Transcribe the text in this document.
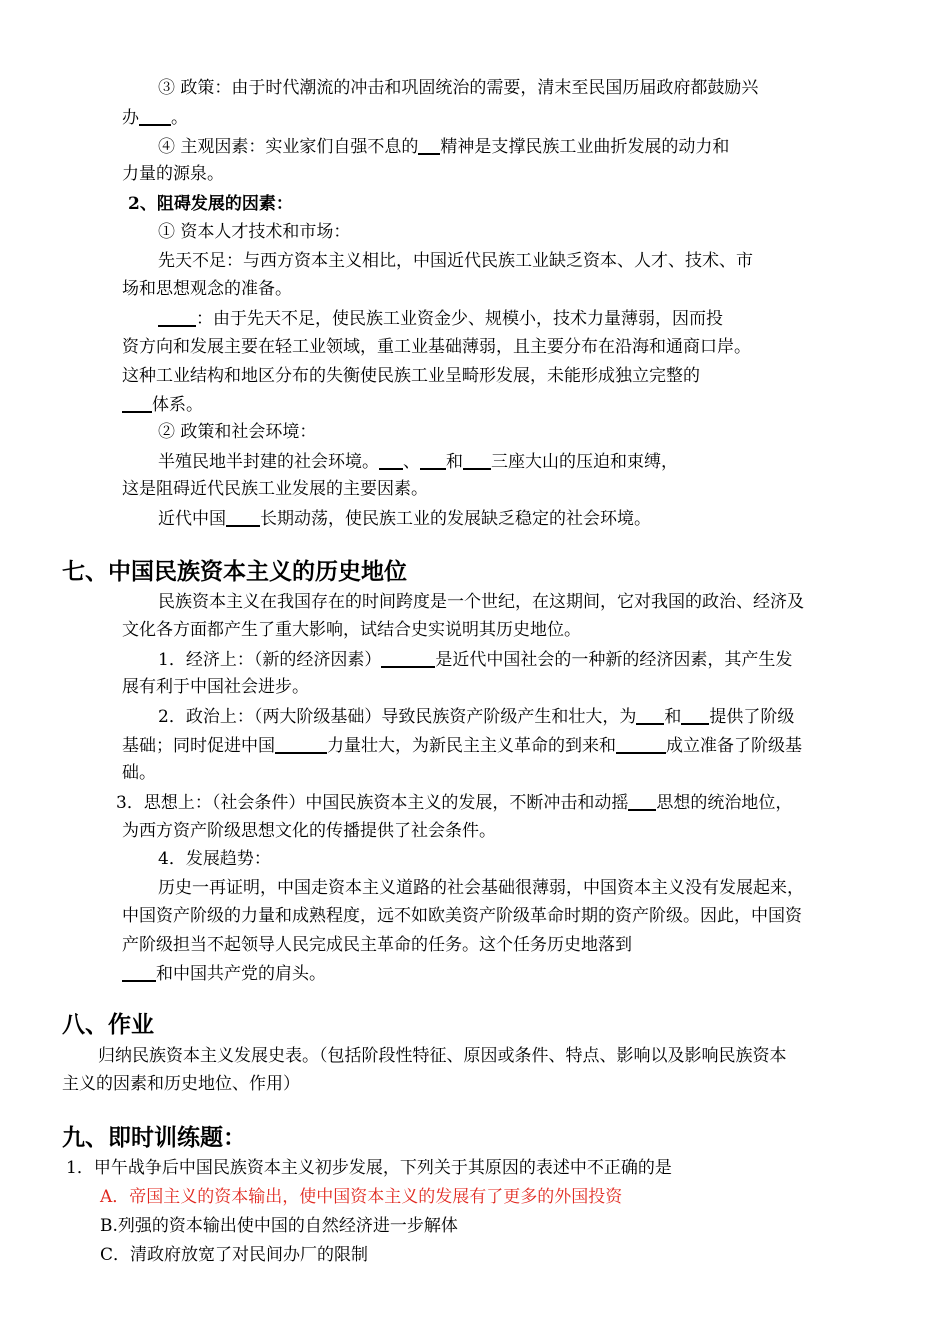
③ 政策：由于时代潮流的冲击和巩固统治的需要，清末至民国历届政府都鼓励兴
办 。
④ 主观因素：实业家们自强不息的 精神是支撑民族工业曲折发展的动力和
力量的源泉。
2、阻碍发展的因素：
① 资本人才技术和市场：
先天不足：与西方资本主义相比，中国近代民族工业缺乏资本、人才、技术、市
场和思想观念的准备。
：由于先天不足，使民族工业资金少、规模小，技术力量薄弱，因而投
资方向和发展主要在轻工业领域，重工业基础薄弱，且主要分布在沿海和通商口岸。
这种工业结构和地区分布的失衡使民族工业呈畸形发展，未能形成独立完整的
体系。
② 政策和社会环境：
半殖民地半封建的社会环境。 、 和 三座大山的压迫和束缚，
这是阻碍近代民族工业发展的主要因素。
近代中国 长期动荡，使民族工业的发展缺乏稳定的社会环境。
七、中国民族资本主义的历史地位
民族资本主义在我国存在的时间跨度是一个世纪，在这期间，它对我国的政治、经济及
文化各方面都产生了重大影响，试结合史实说明其历史地位。
1．经济上：（新的经济因素）	是近代中国社会的一种新的经济因素，其产生发
展有利于中国社会进步。
2．政治上：（两大阶级基础）导致民族资产阶级产生和壮大，为 和 提供了阶级
基础；同时促进中国	力量壮大，为新民主主义革命的到来和	成立准备了阶级基
础。
3．思想上：（社会条件）中国民族资本主义的发展，不断冲击和动摇 思想的统治地位，
为西方资产阶级思想文化的传播提供了社会条件。
4．发展趋势：
历史一再证明，中国走资本主义道路的社会基础很薄弱，中国资本主义没有发展起来，
中国资产阶级的力量和成熟程度，远不如欧美资产阶级革命时期的资产阶级。因此，中国资
产阶级担当不起领导人民完成民主革命的任务。这个任务历史地落到
和中国共产党的肩头。
八、作业
归纳民族资本主义发展史表。（包括阶段性特征、原因或条件、特点、影响以及影响民族资本
主义的因素和历史地位、作用）
九、即时训练题：
1．甲午战争后中国民族资本主义初步发展，下列关于其原因的表述中不正确的是
A．帝国主义的资本输出，使中国资本主义的发展有了更多的外国投资
B.列强的资本输出使中国的自然经济进一步解体
C．清政府放宽了对民间办厂的限制
